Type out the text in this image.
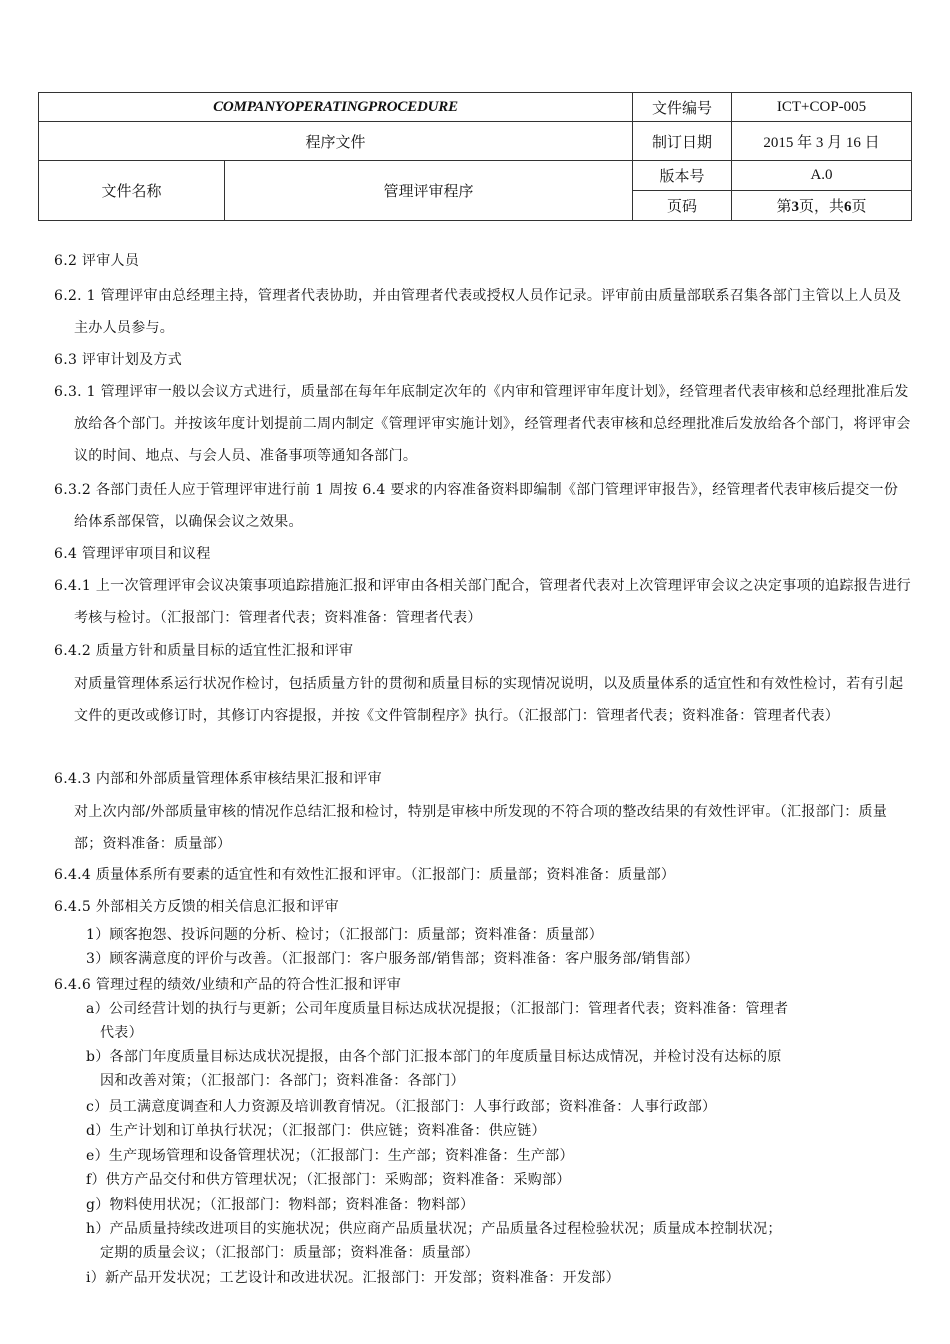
COMPANYOPERATINGPROCEDURE		文件编号	ICT+COP-005
程序文件		制订日期	2015 年 3 月 16 日
文件名称	管理评审程序	版本号	A.0
		页码	第3页，共6页
6.2 评审人员
6.2. 1 管理评审由总经理主持，管理者代表协助，并由管理者代表或授权人员作记录。评审前由质量部联系召集各部门主管以上人员及主办人员参与。
6.3 评审计划及方式
6.3. 1 管理评审一般以会议方式进行，质量部在每年年底制定次年的《内审和管理评审年度计划》，经管理者代表审核和总经理批准后发放给各个部门。并按该年度计划提前二周内制定《管理评审实施计划》，经管理者代表审核和总经理批准后发放给各个部门，将评审会议的时间、地点、与会人员、准备事项等通知各部门。
6.3.2 各部门责任人应于管理评审进行前 1 周按 6.4 要求的内容准备资料即编制《部门管理评审报告》，经管理者代表审核后提交一份给体系部保管，以确保会议之效果。
6.4 管理评审项目和议程
6.4.1 上一次管理评审会议决策事项追踪措施汇报和评审由各相关部门配合，管理者代表对上次管理评审会议之决定事项的追踪报告进行考核与检讨。（汇报部门：管理者代表；资料准备：管理者代表）
6.4.2 质量方针和质量目标的适宜性汇报和评审
对质量管理体系运行状况作检讨，包括质量方针的贯彻和质量目标的实现情况说明，以及质量体系的适宜性和有效性检讨，若有引起文件的更改或修订时，其修订内容提报，并按《文件管制程序》执行。（汇报部门：管理者代表；资料准备：管理者代表）
6.4.3 内部和外部质量管理体系审核结果汇报和评审
对上次内部/外部质量审核的情况作总结汇报和检讨，特别是审核中所发现的不符合项的整改结果的有效性评审。（汇报部门：质量部；资料准备：质量部）
6.4.4 质量体系所有要素的适宜性和有效性汇报和评审。（汇报部门：质量部；资料准备：质量部）
6.4.5 外部相关方反馈的相关信息汇报和评审
1）顾客抱怨、投诉问题的分析、检讨；（汇报部门：质量部；资料准备：质量部）
3）顾客满意度的评价与改善。（汇报部门：客户服务部/销售部；资料准备：客户服务部/销售部）
6.4.6 管理过程的绩效/业绩和产品的符合性汇报和评审
a）公司经营计划的执行与更新；公司年度质量目标达成状况提报；（汇报部门：管理者代表；资料准备：管理者
代表）
b）各部门年度质量目标达成状况提报，由各个部门汇报本部门的年度质量目标达成情况，并检讨没有达标的原
因和改善对策；（汇报部门：各部门；资料准备：各部门）
c）员工满意度调查和人力资源及培训教育情况。（汇报部门：人事行政部；资料准备：人事行政部）
d）生产计划和订单执行状况；（汇报部门：供应链；资料准备：供应链）
e）生产现场管理和设备管理状况；（汇报部门：生产部；资料准备：生产部）
f）供方产品交付和供方管理状况；（汇报部门：采购部；资料准备：采购部）
g）物料使用状况；（汇报部门：物料部；资料准备：物料部）
h）产品质量持续改进项目的实施状况；供应商产品质量状况；产品质量各过程检验状况；质量成本控制状况；
定期的质量会议；（汇报部门：质量部；资料准备：质量部）
i）新产品开发状况；工艺设计和改进状况。汇报部门：开发部；资料准备：开发部）
